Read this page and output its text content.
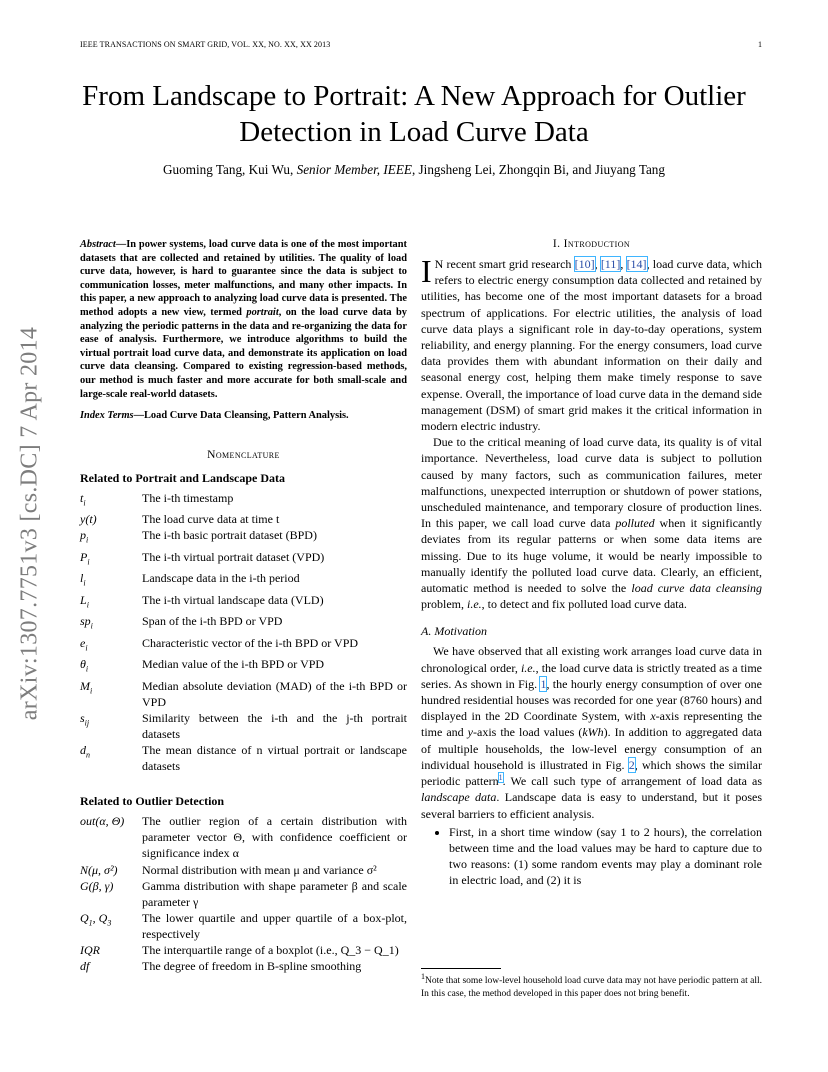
IEEE TRANSACTIONS ON SMART GRID, VOL. XX, NO. XX, XX 2013	1
From Landscape to Portrait: A New Approach for Outlier Detection in Load Curve Data
Guoming Tang, Kui Wu, Senior Member, IEEE, Jingsheng Lei, Zhongqin Bi, and Jiuyang Tang
arXiv:1307.7751v3 [cs.DC] 7 Apr 2014

Abstract—In power systems, load curve data is one of the most important datasets that are collected and retained by utilities. The quality of load curve data, however, is hard to guarantee since the data is subject to communication losses, meter malfunctions, and many other impacts. In this paper, a new approach to analyzing load curve data is presented. The method adopts a new view, termed portrait, on the load curve data by analyzing the periodic patterns in the data and re-organizing the data for ease of analysis. Furthermore, we introduce algorithms to build the virtual portrait load curve data, and demonstrate its application on load curve data cleansing. Compared to existing regression-based methods, our method is much faster and more accurate for both small-scale and large-scale real-world datasets.

Index Terms—Load Curve Data Cleansing, Pattern Analysis.

Nomenclature

Related to Portrait and Landscape Data

$t_i$	The i-th timestamp
y(t)	The load curve data at time t
$p_i$	The i-th basic portrait dataset (BPD)
$P_i$	The i-th virtual portrait dataset (VPD)
$l_i$	Landscape data in the i-th period
$L_i$	The i-th virtual landscape data (VLD)
$sp_i$	Span of the i-th BPD or VPD
$e_i$	Characteristic vector of the i-th BPD or VPD
$\theta_i$	Median value of the i-th BPD or VPD
$M_i$	Median absolute deviation (MAD) of the i-th BPD or VPD
$s_{ij}$	Similarity between the i-th and the j-th portrait datasets
$d_n$	The mean distance of n virtual portrait or landscape datasets

Related to Outlier Detection

out(α, Θ)	The outlier region of a certain distribution with parameter vector Θ, with confidence coefficient or significance index α
N(μ, σ²)	Normal distribution with mean μ and variance σ²
G(β, γ)	Gamma distribution with shape parameter β and scale parameter γ
$Q_1$, $Q_3$	The lower quartile and upper quartile of a box-plot, respectively
IQR	The interquartile range of a boxplot (i.e., Q_3 − Q_1)
df	The degree of freedom in B-spline smoothing

I. Introduction

I N recent smart grid research [10], [11], [14], load curve data, which refers to electric energy consumption data collected and retained by utilities, has become one of the most important datasets for a broad spectrum of applications. For electric utilities, the analysis of load curve data plays a significant role in day-to-day operations, system reliability, and energy planning. For the energy consumers, load curve data provides them with abundant information on their daily and seasonal energy cost, helping them make timely response to save expense. Overall, the importance of load curve data in the demand side management (DSM) of smart grid makes it the critical information in modern electric industry.

Due to the critical meaning of load curve data, its quality is of vital importance. Nevertheless, load curve data is subject to pollution caused by many factors, such as communication failures, meter malfunctions, unexpected interruption or shutdown of power stations, unscheduled maintenance, and temporary closure of production lines. In this paper, we call load curve data polluted when it significantly deviates from its regular patterns or when some data items are missing. Due to its huge volume, it would be nearly impossible to manually identify the polluted load curve data. Clearly, an efficient, automatic method is needed to solve the load curve data cleansing problem, i.e., to detect and fix polluted load curve data.

A. Motivation

We have observed that all existing work arranges load curve data in chronological order, i.e., the load curve data is strictly treated as a time series. As shown in Fig. 1, the hourly energy consumption of over one hundred residential houses was recorded for one year (8760 hours) and displayed in the 2D Coordinate System, with x-axis representing the time and y-axis the load values (kWh). In addition to aggregated data of multiple households, the low-level energy consumption of an individual household is illustrated in Fig. 2, which shows the similar periodic pattern$^1$. We call such type of arrangement of load data as landscape data. Landscape data is easy to understand, but it poses several barriers to efficient analysis.

• First, in a short time window (say 1 to 2 hours), the correlation between time and the load values may be hard to capture due to two reasons: (1) some random events may play a dominant role in electric load, and (2) it is
$^1$Note that some low-level household load curve data may not have periodic pattern at all. In this case, the method developed in this paper does not bring benefit.
